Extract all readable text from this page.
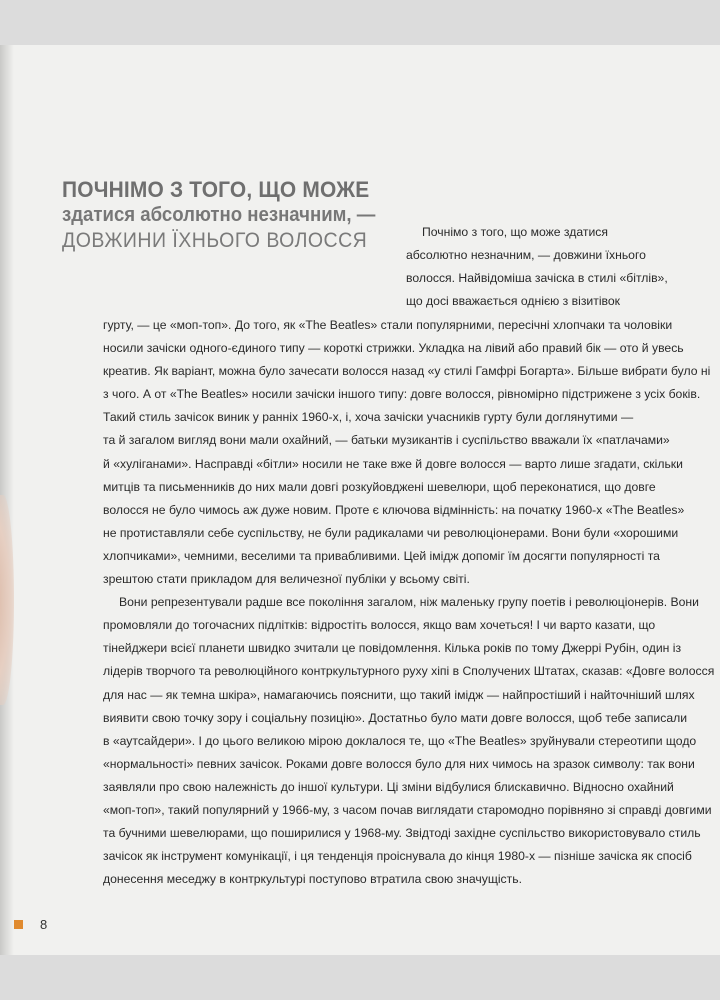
ПОЧНІМО З ТОГО, ЩО МОЖЕ
здатися абсолютно незначним, —
ДОВЖИНИ ЇХНЬОГО ВОЛОССЯ	Почнімо з того, що може здатися
абсолютно незначним, — довжини їхнього
волосся. Найвідоміша зачіска в стилі «бітлів»,
що досі вважається однією з візитівок
гурту, — це «моп-топ». До того, як «The Beatles» стали популярними, пересічні хлопчаки та чоловіки
носили зачіски одного-єдиного типу — короткі стрижки. Укладка на лівий або правий бік — ото й увесь
креатив. Як варіант, можна було зачесати волосся назад «у стилі Гамфрі Богарта». Більше вибрати було ні
з чого. А от «The Beatles» носили зачіски іншого типу: довге волосся, рівномірно підстрижене з усіх боків.
Такий стиль зачісок виник у ранніх 1960-х, і, хоча зачіски учасників гурту були доглянутими —
та й загалом вигляд вони мали охайний, — батьки музикантів і суспільство вважали їх «патлачами»
й «хуліганами». Насправді «бітли» носили не таке вже й довге волосся — варто лише згадати, скільки
митців та письменників до них мали довгі розкуйовджені шевелюри, щоб переконатися, що довге
волосся не було чимось аж дуже новим. Проте є ключова відмінність: на початку 1960-х «The Beatles»
не протиставляли себе суспільству, не були радикалами чи революціонерами. Вони були «хорошими
хлопчиками», чемними, веселими та привабливими. Цей імідж допоміг їм досягти популярності та
зрештою стати прикладом для величезної публіки у всьому світі.
Вони репрезентували радше все покоління загалом, ніж маленьку групу поетів і революціонерів. Вони
промовляли до тогочасних підлітків: відростіть волосся, якщо вам хочеться! І чи варто казати, що
тінейджери всієї планети швидко зчитали це повідомлення. Кілька років по тому Джеррі Рубін, один із
лідерів творчого та революційного контркультурного руху хіпі в Сполучених Штатах, сказав: «Довге волосся
для нас — як темна шкіра», намагаючись пояснити, що такий імідж — найпростіший і найточніший шлях
виявити свою точку зору і соціальну позицію». Достатньо було мати довге волосся, щоб тебе записали
в «аутсайдери». І до цього великою мірою доклалося те, що «The Beatles» зруйнували стереотипи щодо
«нормальності» певних зачісок. Роками довге волосся було для них чимось на зразок символу: так вони
заявляли про свою належність до іншої культури. Ці зміни відбулися блискавично. Відносно охайний
«моп-топ», такий популярний у 1966-му, з часом почав виглядати старомодно порівняно зі справді довгими
та бучними шевелюрами, що поширилися у 1968-му. Звідтоді західне суспільство використовувало стиль
зачісок як інструмент комунікації, і ця тенденція проіснувала до кінця 1980-х — пізніше зачіска як спосіб
донесення меседжу в контркультурі поступово втратила свою значущість.
8
